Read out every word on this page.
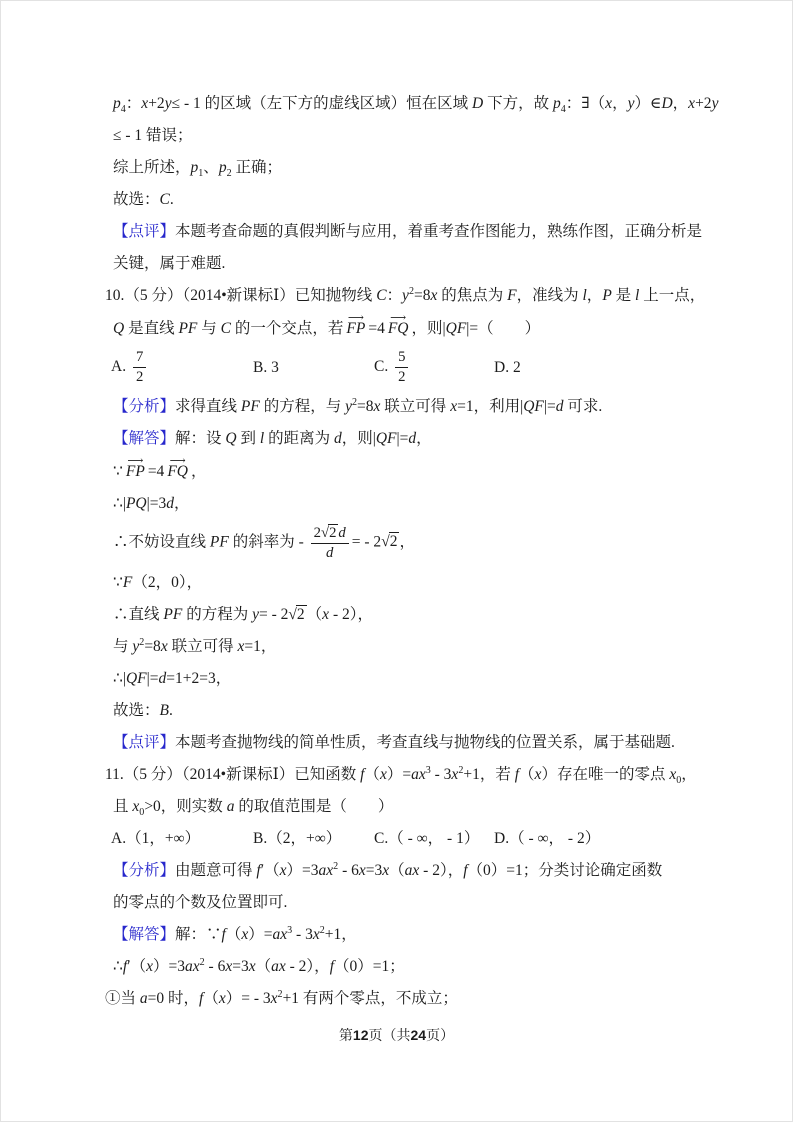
$p_4$：x+2y≤ - 1 的区域（左下方的虚线区域）恒在区域 D 下方，故 $p_4$：∃（x，y）∈D，x+2y

≤ - 1 错误；

综上所述，$p_1$、$p_2$ 正确；

故选：C.

【点评】本题考查命题的真假判断与应用，着重考查作图能力，熟练作图，正确分析是

关键，属于难题.

10.（5 分）（2014•新课标Ⅰ）已知抛物线 C：$y^2=8x$ 的焦点为 F，准线为 l，P 是 l 上一点，

Q 是直线 PF 与 C 的一个交点，若 ⟶ FP =4 ⟶ FQ ，则|QF|=（　　）

A. $\frac{7}{2}$	B. 3	C. $\frac{5}{2}$	D. 2

【分析】求得直线 PF 的方程，与 $y^2=8x$ 联立可得 x=1，利用|QF|=d 可求.

【解答】解：设 Q 到 l 的距离为 d，则|QF|=d，

∵ ⟶ FP =4 ⟶ FQ ，

∴|PQ|=3d，

∴不妨设直线 PF 的斜率为 - $\frac{2√2 d}{d}$ = - 2√2 ，

∵F（2，0），

∴直线 PF 的方程为 y= - 2√2 （x - 2），

与 $y^2=8x$ 联立可得 x=1，

∴|QF|=d=1+2=3，

故选：B.

【点评】本题考查抛物线的简单性质，考查直线与抛物线的位置关系，属于基础题.

11.（5 分）（2014•新课标Ⅰ）已知函数 $f(x)=ax^3 - 3x^2+1$，若 f（x）存在唯一的零点 $x_0$，

且 $x_0>0$，则实数 a 的取值范围是（　　）

A.（1，+∞）	B.（2，+∞）	C.（ - ∞， - 1） D.（ - ∞， - 2）

【分析】由题意可得 $f'(x)=3ax^2 - 6x=3x(ax - 2)$，f（0）=1；分类讨论确定函数

的零点的个数及位置即可.

【解答】解：$\because f(x)=ax^3 - 3x^2+1$，

$\therefore f'(x)=3ax^2 - 6x=3x(ax - 2)$，f（0）=1；

①当 a=0 时，$f(x)= - 3x^2+1$ 有两个零点，不成立；

第12页（共24页）
